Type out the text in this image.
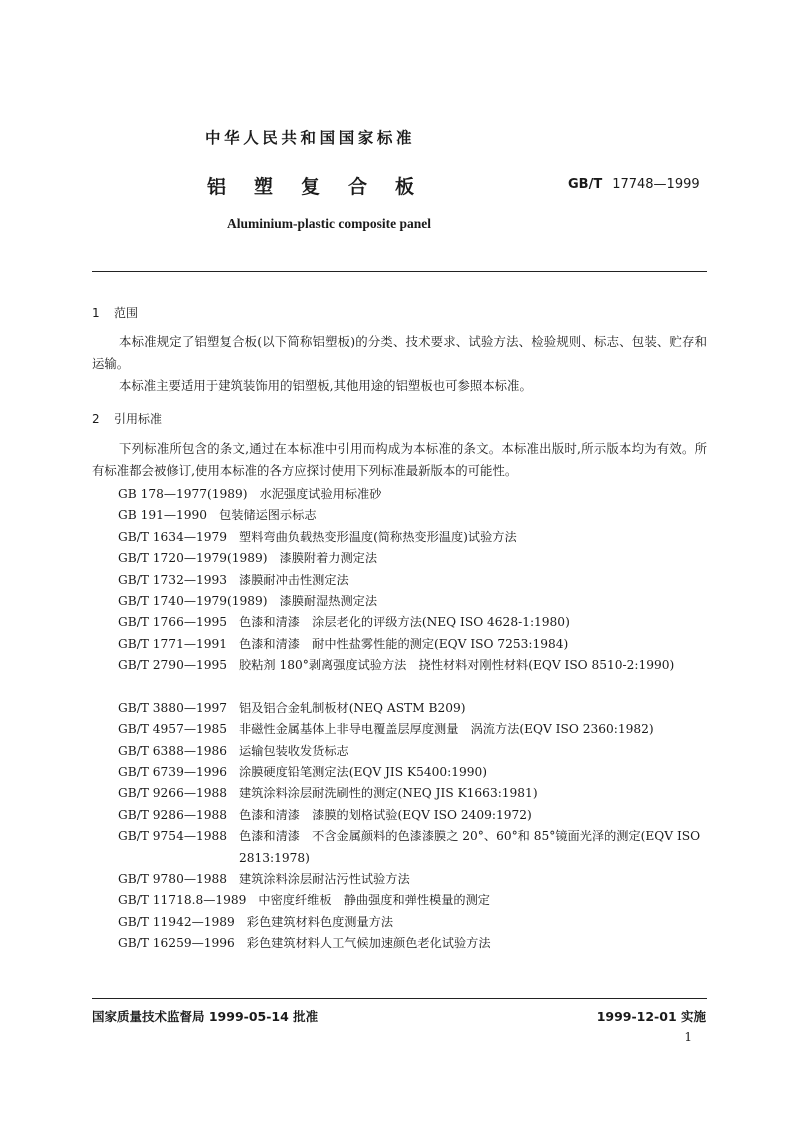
中华人民共和国国家标准
铝塑复合板	GB/T 17748—1999
Aluminium-plastic composite panel
1 范围

本标准规定了铝塑复合板(以下简称铝塑板)的分类、技术要求、试验方法、检验规则、标志、包装、贮存和运输。

本标准主要适用于建筑装饰用的铝塑板,其他用途的铝塑板也可参照本标准。

2 引用标准

下列标准所包含的条文,通过在本标准中引用而构成为本标准的条文。本标准出版时,所示版本均为有效。所有标准都会被修订,使用本标准的各方应探讨使用下列标准最新版本的可能性。

GB 178—1977(1989) 水泥强度试验用标准砂
GB 191—1990 包装储运图示标志
GB/T 1634—1979 塑料弯曲负载热变形温度(简称热变形温度)试验方法
GB/T 1720—1979(1989) 漆膜附着力测定法
GB/T 1732—1993 漆膜耐冲击性测定法
GB/T 1740—1979(1989) 漆膜耐湿热测定法
GB/T 1766—1995 色漆和清漆　涂层老化的评级方法(NEQ ISO 4628-1:1980)
GB/T 1771—1991 色漆和清漆　耐中性盐雾性能的测定(EQV ISO 7253:1984)
GB/T 2790—1995 胶粘剂 180°剥离强度试验方法　挠性材料对刚性材料(EQV ISO 8510-2:1990)
GB/T 3880—1997 铝及铝合金轧制板材(NEQ ASTM B209)
GB/T 4957—1985 非磁性金属基体上非导电覆盖层厚度测量　涡流方法(EQV ISO 2360:1982)
GB/T 6388—1986 运输包装收发货标志
GB/T 6739—1996 涂膜硬度铅笔测定法(EQV JIS K5400:1990)
GB/T 9266—1988 建筑涂料涂层耐洗刷性的测定(NEQ JIS K1663:1981)
GB/T 9286—1988 色漆和清漆　漆膜的划格试验(EQV ISO 2409:1972)
GB/T 9754—1988 色漆和清漆　不含金属颜料的色漆漆膜之 20°、60°和 85°镜面光泽的测定(EQV ISO 2813:1978)
GB/T 9780—1988 建筑涂料涂层耐沾污性试验方法
GB/T 11718.8—1989 中密度纤维板　静曲强度和弹性模量的测定
GB/T 11942—1989 彩色建筑材料色度测量方法
GB/T 16259—1996 彩色建筑材料人工气候加速颜色老化试验方法
国家质量技术监督局 1999-05-14 批准	1999-12-01 实施
1
